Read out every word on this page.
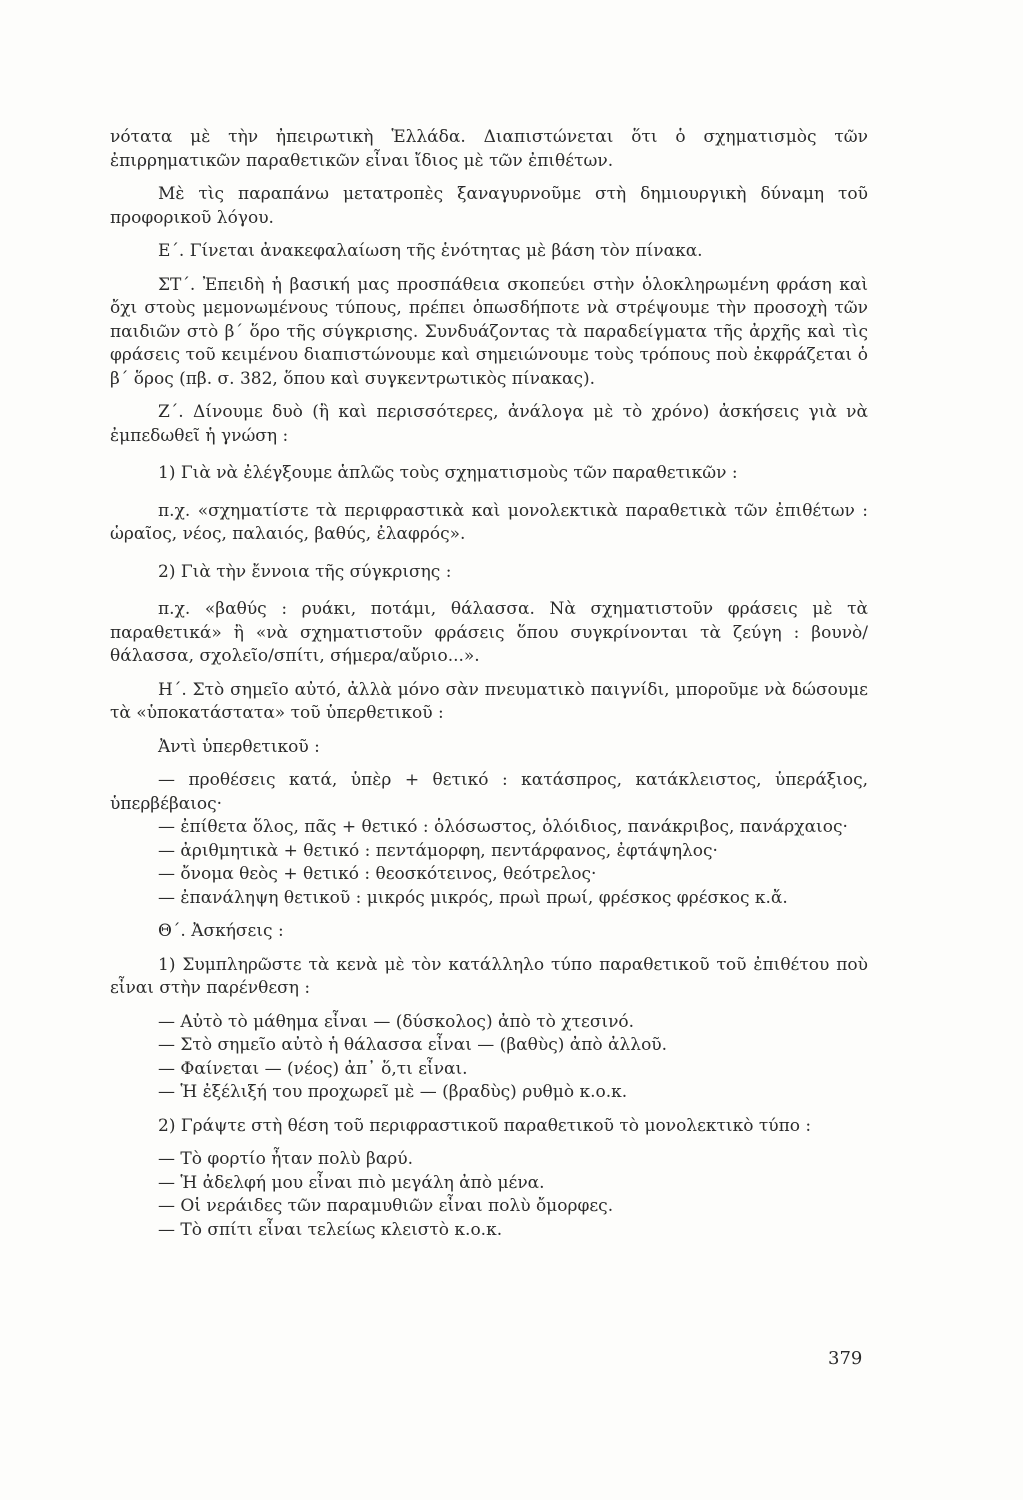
νότατα μὲ τὴν ἠπειρωτικὴ Ἑλλάδα. Διαπιστώνεται ὅτι ὁ σχηματισμὸς τῶν ἐπιρρηματικῶν παραθετικῶν εἶναι ἴδιος μὲ τῶν ἐπιθέτων.

Μὲ τὶς παραπάνω μετατροπὲς ξαναγυρνοῦμε στὴ δημιουργικὴ δύναμη τοῦ προφορικοῦ λόγου.

Ε΄. Γίνεται ἀνακεφαλαίωση τῆς ἑνότητας μὲ βάση τὸν πίνακα.

ΣΤ΄. Ἐπειδὴ ἡ βασική μας προσπάθεια σκοπεύει στὴν ὁλοκληρωμένη φράση καὶ ὄχι στοὺς μεμονωμένους τύπους, πρέπει ὁπωσδήποτε νὰ στρέψουμε τὴν προσοχὴ τῶν παιδιῶν στὸ β΄ ὅρο τῆς σύγκρισης. Συνδυάζοντας τὰ παραδείγματα τῆς ἀρχῆς καὶ τὶς φράσεις τοῦ κειμένου διαπιστώνουμε καὶ σημειώνουμε τοὺς τρόπους ποὺ ἐκφράζεται ὁ β΄ ὅρος (πβ. σ. 382, ὅπου καὶ συγκεντρωτικὸς πίνακας).

Ζ΄. Δίνουμε δυὸ (ἢ καὶ περισσότερες, ἀνάλογα μὲ τὸ χρόνο) ἀσκήσεις γιὰ νὰ ἐμπεδωθεῖ ἡ γνώση :

1) Γιὰ νὰ ἐλέγξουμε ἁπλῶς τοὺς σχηματισμοὺς τῶν παραθετικῶν :

π.χ. «σχηματίστε τὰ περιφραστικὰ καὶ μονολεκτικὰ παραθετικὰ τῶν ἐπιθέτων : ὡραῖος, νέος, παλαιός, βαθύς, ἐλαφρός».

2) Γιὰ τὴν ἔννοια τῆς σύγκρισης :

π.χ. «βαθύς : ρυάκι, ποτάμι, θάλασσα. Νὰ σχηματιστοῦν φράσεις μὲ τὰ παραθετικά» ἢ «νὰ σχηματιστοῦν φράσεις ὅπου συγκρίνονται τὰ ζεύγη : βουνὸ/θάλασσα, σχολεῖο/σπίτι, σήμερα/αὔριο...».

Η΄. Στὸ σημεῖο αὐτό, ἀλλὰ μόνο σὰν πνευματικὸ παιγνίδι, μποροῦμε νὰ δώσουμε τὰ «ὑποκατάστατα» τοῦ ὑπερθετικοῦ :

Ἀντὶ ὑπερθετικοῦ :

— προθέσεις κατά, ὑπὲρ + θετικό : κατάσπρος, κατάκλειστος, ὑπεράξιος, ὑπερβέβαιος·

— ἐπίθετα ὅλος, πᾶς + θετικό : ὁλόσωστος, ὁλόιδιος, πανάκριβος, πανάρχαιος·

— ἀριθμητικὰ + θετικό : πεντάμορφη, πεντάρφανος, ἐφτάψηλος·

— ὄνομα θεὸς + θετικό : θεοσκότεινος, θεότρελος·

— ἐπανάληψη θετικοῦ : μικρός μικρός, πρωὶ πρωί, φρέσκος φρέσκος κ.ἄ.

Θ΄. Ἀσκήσεις :

1) Συμπληρῶστε τὰ κενὰ μὲ τὸν κατάλληλο τύπο παραθετικοῦ τοῦ ἐπιθέτου ποὺ εἶναι στὴν παρένθεση :

— Αὐτὸ τὸ μάθημα εἶναι — (δύσκολος) ἀπὸ τὸ χτεσινό.

— Στὸ σημεῖο αὐτὸ ἡ θάλασσα εἶναι — (βαθὺς) ἀπὸ ἀλλοῦ.

— Φαίνεται — (νέος) ἀπ᾿ ὅ,τι εἶναι.

— Ἡ ἐξέλιξή του προχωρεῖ μὲ — (βραδὺς) ρυθμὸ κ.ο.κ.

2) Γράψτε στὴ θέση τοῦ περιφραστικοῦ παραθετικοῦ τὸ μονολεκτικὸ τύπο :

— Τὸ φορτίο ἦταν πολὺ βαρύ.

— Ἡ ἀδελφή μου εἶναι πιὸ μεγάλη ἀπὸ μένα.

— Οἱ νεράιδες τῶν παραμυθιῶν εἶναι πολὺ ὄμορφες.

— Τὸ σπίτι εἶναι τελείως κλειστὸ κ.ο.κ.

379
